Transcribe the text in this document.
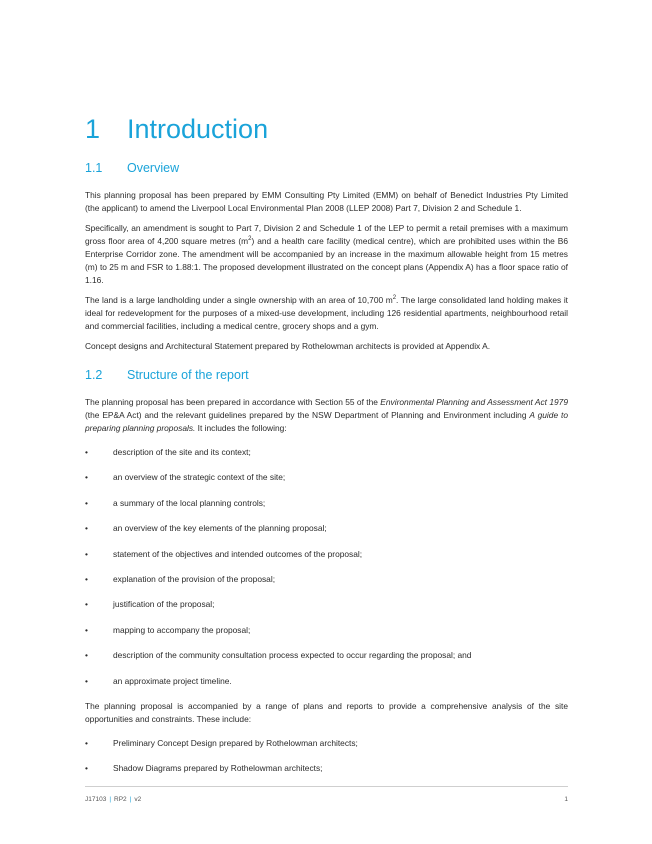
1 Introduction
1.1	Overview

This planning proposal has been prepared by EMM Consulting Pty Limited (EMM) on behalf of Benedict Industries Pty Limited (the applicant) to amend the Liverpool Local Environmental Plan 2008 (LLEP 2008) Part 7, Division 2 and Schedule 1.

Specifically, an amendment is sought to Part 7, Division 2 and Schedule 1 of the LEP to permit a retail premises with a maximum gross floor area of 4,200 square metres $(m^2)$ and a health care facility (medical centre), which are prohibited uses within the B6 Enterprise Corridor zone. The amendment will be accompanied by an increase in the maximum allowable height from 15 metres (m) to 25 m and FSR to 1.88:1. The proposed development illustrated on the concept plans (Appendix A) has a floor space ratio of 1.16.

The land is a large landholding under a single ownership with an area of 10,700 $m^2$. The large consolidated land holding makes it ideal for redevelopment for the purposes of a mixed-use development, including 126 residential apartments, neighbourhood retail and commercial facilities, including a medical centre, grocery shops and a gym.

Concept designs and Architectural Statement prepared by Rothelowman architects is provided at Appendix A.

1.2	Structure of the report

The planning proposal has been prepared in accordance with Section 55 of the Environmental Planning and Assessment Act 1979 (the EP&A Act) and the relevant guidelines prepared by the NSW Department of Planning and Environment including A guide to preparing planning proposals. It includes the following:

•	description of the site and its context;
•	an overview of the strategic context of the site;
•	a summary of the local planning controls;
•	an overview of the key elements of the planning proposal;
•	statement of the objectives and intended outcomes of the proposal;
•	explanation of the provision of the proposal;
•	justification of the proposal;
•	mapping to accompany the proposal;
•	description of the community consultation process expected to occur regarding the proposal; and
•	an approximate project timeline.

The planning proposal is accompanied by a range of plans and reports to provide a comprehensive analysis of the site opportunities and constraints. These include:

•	Preliminary Concept Design prepared by Rothelowman architects;
•	Shadow Diagrams prepared by Rothelowman architects;
J17103 | RP2 | v2	1
